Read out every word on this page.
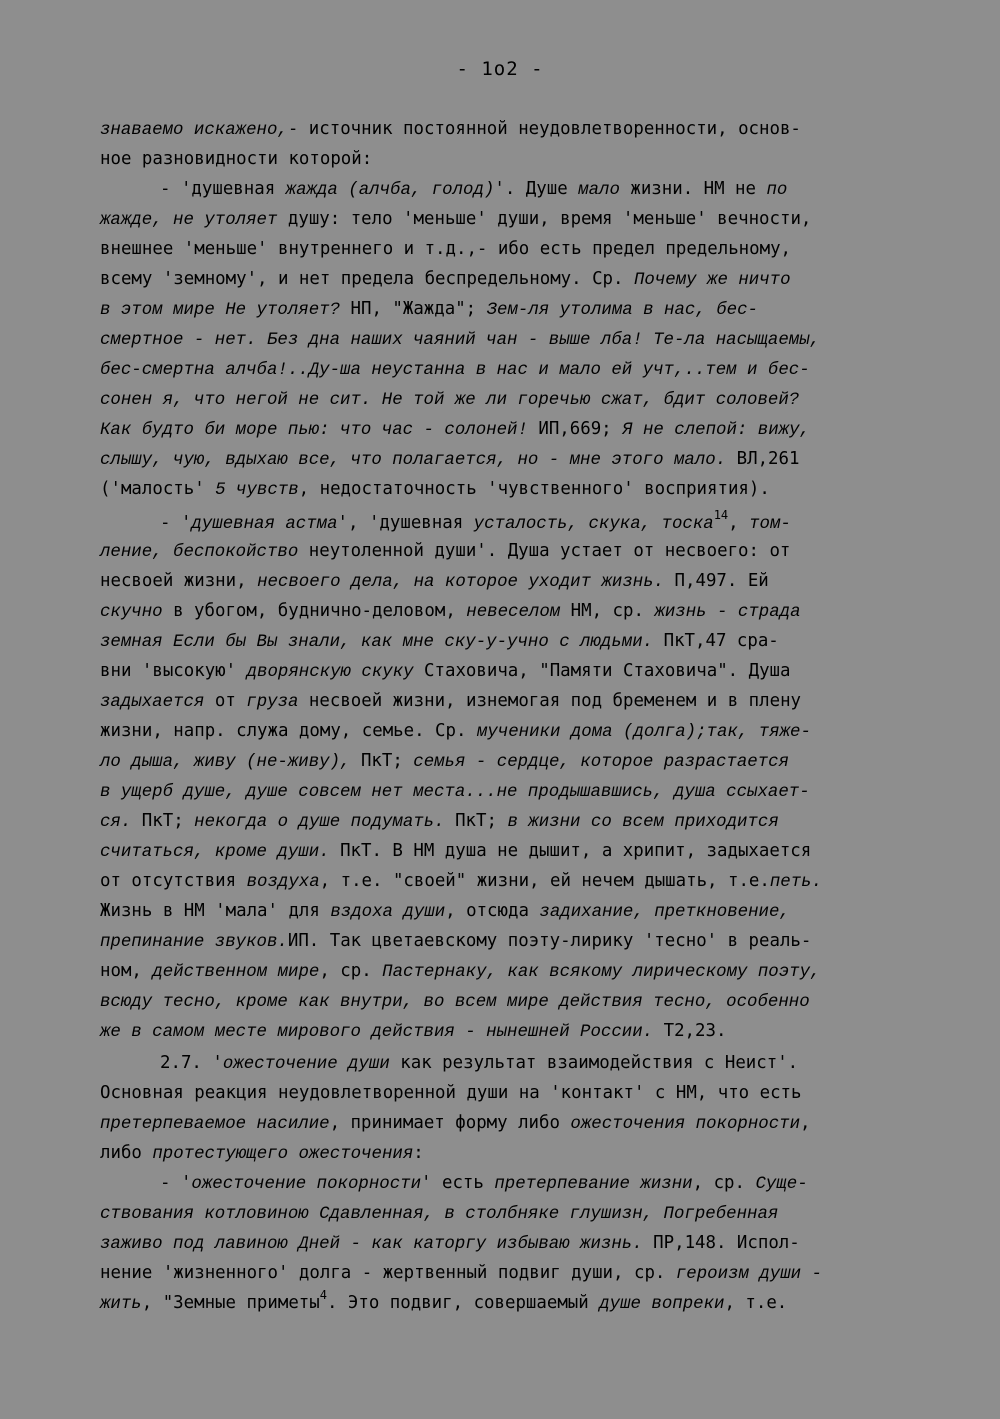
- 1о2 -
знаваемо искажено,- источник постоянной неудовлетворенности, основ-
ное разновидности которой:
- 'душевная жажда (алчба, голод)'. Душе мало жизни. НМ не по
жажде, не утоляет душу: тело 'меньше' души, время 'меньше' вечности,
внешнее 'меньше' внутреннего и т.д.,- ибо есть предел предельному,
всему 'земному', и нет предела беспредельному. Ср. Почему же ничто
в этом мире Не утоляет? НП, "Жажда"; Зем-ля утолима в нас, бес-
смертное - нет. Без дна наших чаяний чан - выше лба! Те-ла насыщаемы,
бес-смертна алчба!..Ду-ша неустанна в нас и мало ей учт,..тем и бес-
сонен я, что негой не сит. Не той же ли горечью сжат, бдит соловей?
Как будто би море пью: что час - солоней! ИП,669; Я не слепой: вижу,
слышу, чую, вдыхаю все, что полагается, но - мне этого мало. ВЛ,261
('малость' 5 чувств, недостаточность 'чувственного' восприятия).
- 'душевная астма', 'душевная усталость, скука, тоска$^{14}$, том-
ление, беспокойство неутоленной души'. Душа устает от несвоего: от
несвоей жизни, несвоего дела, на которое уходит жизнь. П,497. Ей
скучно в убогом, буднично-деловом, невеселом НМ, ср. жизнь - страда
земная Если бы Вы знали, как мне ску-у-учно с людьми. ПкТ,47 сра-
вни 'высокую' дворянскую скуку Стаховича, "Памяти Стаховича". Душа
задыхается от груза несвоей жизни, изнемогая под бременем и в плену
жизни, напр. служа дому, семье. Ср. мученики дома (долга);так, тяже-
ло дыша, живу (не-живу), ПкТ; семья - сердце, которое разрастается
в ущерб душе, душе совсем нет места...не продышавшись, душа ссыхает-
ся. ПкТ; некогда о душе подумать. ПкТ; в жизни со всем приходится
считаться, кроме души. ПкТ. В НМ душа не дышит, а хрипит, задыхается
от отсутствия воздуха, т.е. "своей" жизни, ей нечем дышать, т.е.петь.
Жизнь в НМ 'мала' для вздоха души, отсюда задихание, преткновение,
препинание звуков.ИП. Так цветаевскому поэту-лирику 'тесно' в реаль-
ном, действенном мире, ср. Пастернаку, как всякому лирическому поэту,
всюду тесно, кроме как внутри, во всем мире действия тесно, особенно
же в самом месте мирового действия - нынешней России. Т2,23.
2.7. 'ожесточение души как результат взаимодействия с Неист'.
Основная реакция неудовлетворенной души на 'контакт' с НМ, что есть
претерпеваемое насилие, принимает форму либо ожесточения покорности,
либо протестующего ожесточения:
- 'ожесточение покорности' есть претерпевание жизни, ср. Суще-
ствования котловиною Сдавленная, в столбняке глушизн, Погребенная
заживо под лавиною Дней - как каторгу избываю жизнь. ПР,148. Испол-
нение 'жизненного' долга - жертвенный подвиг души, ср. героизм души -
жить, "Земные приметы$^4$. Это подвиг, совершаемый душе вопреки, т.е.
